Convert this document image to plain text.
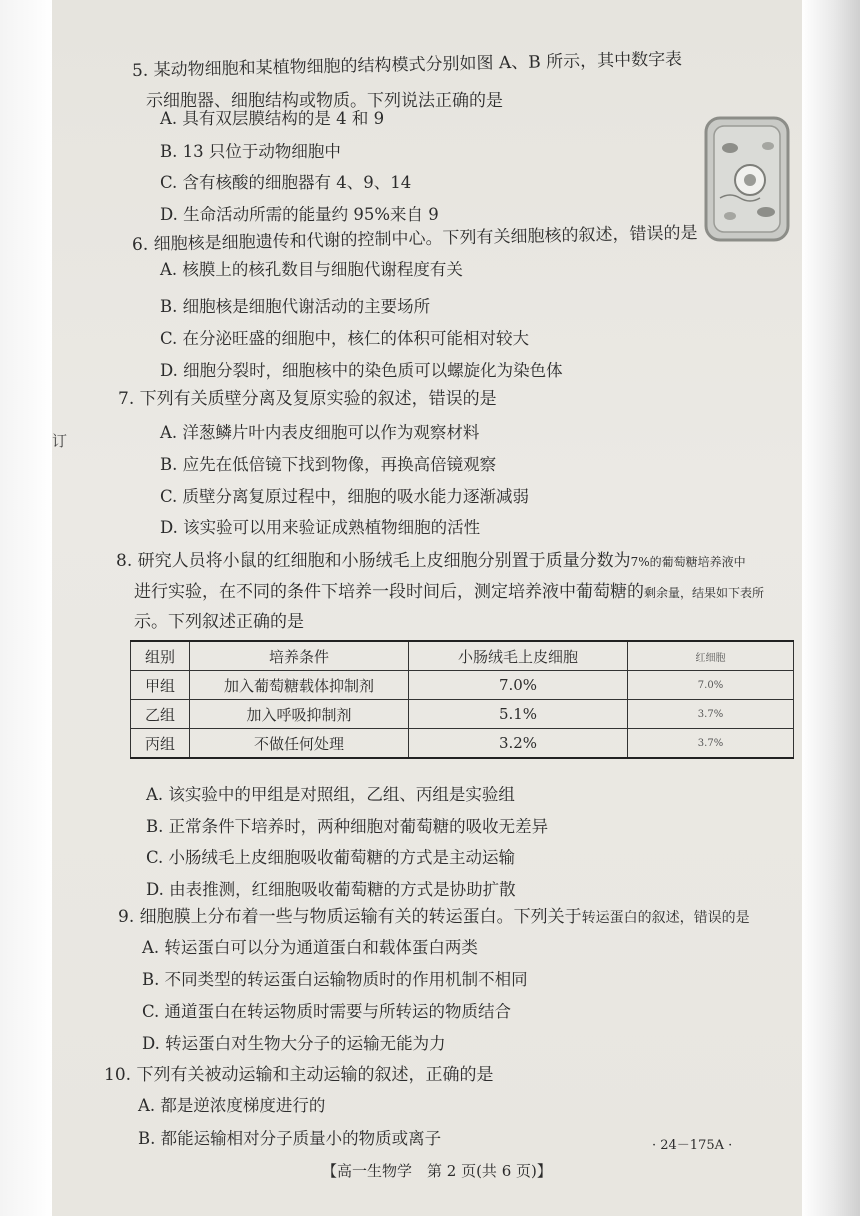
订
5. 某动物细胞和某植物细胞的结构模式分别如图 A、B 所示，其中数字表
示细胞器、细胞结构或物质。下列说法正确的是
A. 具有双层膜结构的是 4 和 9
B. 13 只位于动物细胞中
C. 含有核酸的细胞器有 4、9、14
D. 生命活动所需的能量约 95%来自 9
6. 细胞核是细胞遗传和代谢的控制中心。下列有关细胞核的叙述，错误的是
A. 核膜上的核孔数目与细胞代谢程度有关
B. 细胞核是细胞代谢活动的主要场所
C. 在分泌旺盛的细胞中，核仁的体积可能相对较大
D. 细胞分裂时，细胞核中的染色质可以螺旋化为染色体
7. 下列有关质壁分离及复原实验的叙述，错误的是
A. 洋葱鳞片叶内表皮细胞可以作为观察材料
B. 应先在低倍镜下找到物像，再换高倍镜观察
C. 质壁分离复原过程中，细胞的吸水能力逐渐减弱
D. 该实验可以用来验证成熟植物细胞的活性
8. 研究人员将小鼠的红细胞和小肠绒毛上皮细胞分别置于质量分数为7%的葡萄糖培养液中
进行实验，在不同的条件下培养一段时间后，测定培养液中葡萄糖的剩余量，结果如下表所
示。下列叙述正确的是
组别	培养条件	小肠绒毛上皮细胞	红细胞
甲组	加入葡萄糖载体抑制剂	7.0%	7.0%
乙组	加入呼吸抑制剂	5.1%	3.7%
丙组	不做任何处理	3.2%	3.7%
A. 该实验中的甲组是对照组，乙组、丙组是实验组
B. 正常条件下培养时，两种细胞对葡萄糖的吸收无差异
C. 小肠绒毛上皮细胞吸收葡萄糖的方式是主动运输
D. 由表推测，红细胞吸收葡萄糖的方式是协助扩散
9. 细胞膜上分布着一些与物质运输有关的转运蛋白。下列关于转运蛋白的叙述，错误的是
A. 转运蛋白可以分为通道蛋白和载体蛋白两类
B. 不同类型的转运蛋白运输物质时的作用机制不相同
C. 通道蛋白在转运物质时需要与所转运的物质结合
D. 转运蛋白对生物大分子的运输无能为力
10. 下列有关被动运输和主动运输的叙述，正确的是
A. 都是逆浓度梯度进行的
B. 都能运输相对分子质量小的物质或离子	· 24－175A ·
【高一生物学　第 2 页(共 6 页)】
